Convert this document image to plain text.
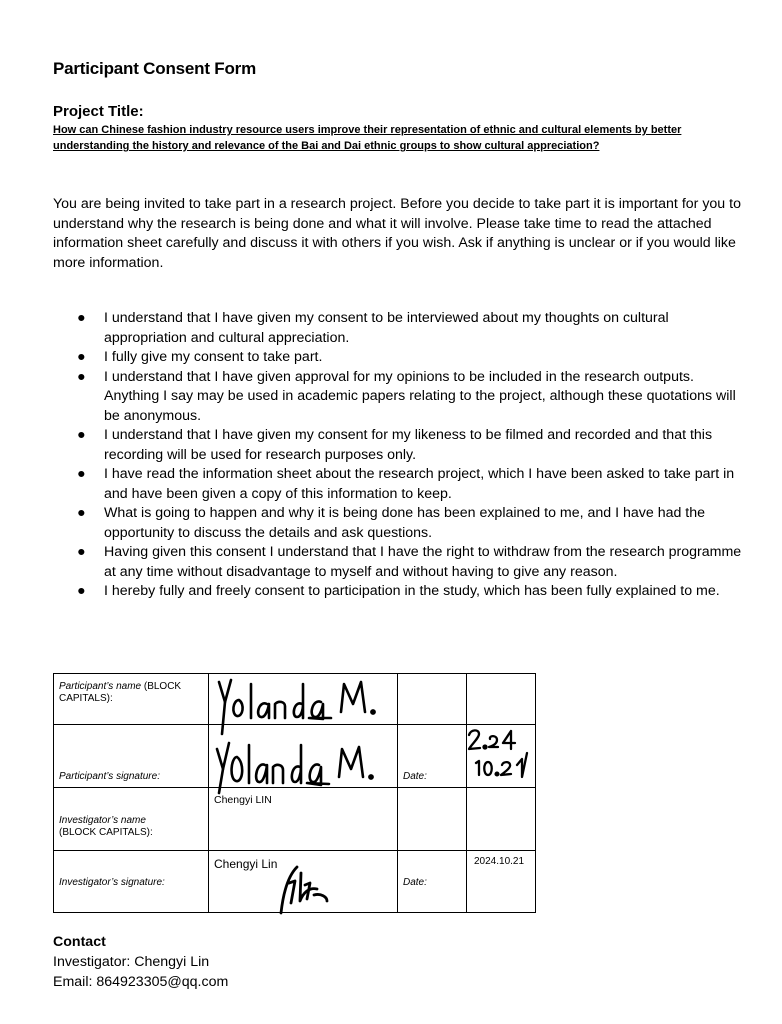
Participant Consent Form
Project Title:
How can Chinese fashion industry resource users improve their representation of ethnic and cultural elements by better understanding the history and relevance of the Bai and Dai ethnic groups to show cultural appreciation?
You are being invited to take part in a research project. Before you decide to take part it is important for you to understand why the research is being done and what it will involve. Please take time to read the attached information sheet carefully and discuss it with others if you wish. Ask if anything is unclear or if you would like more information.
● I understand that I have given my consent to be interviewed about my thoughts on cultural appropriation and cultural appreciation.
● I fully give my consent to take part.
● I understand that I have given approval for my opinions to be included in the research outputs. Anything I say may be used in academic papers relating to the project, although these quotations will be anonymous.
● I understand that I have given my consent for my likeness to be filmed and recorded and that this recording will be used for research purposes only.
● I have read the information sheet about the research project, which I have been asked to take part in and have been given a copy of this information to keep.
● What is going to happen and why it is being done has been explained to me, and I have had the opportunity to discuss the details and ask questions.
● Having given this consent I understand that I have the right to withdraw from the research programme at any time without disadvantage to myself and without having to give any reason.
● I hereby fully and freely consent to participation in the study, which has been fully explained to me.
Participant’s name (BLOCK CAPITALS):

Participant’s signature:		Date:

Investigator’s name
(BLOCK CAPITALS):	Chengyi LIN		

Investigator’s signature:	Chengyi Lin	Date:	2024.10.21
Contact
Investigator: Chengyi Lin
Email: 864923305@qq.com
